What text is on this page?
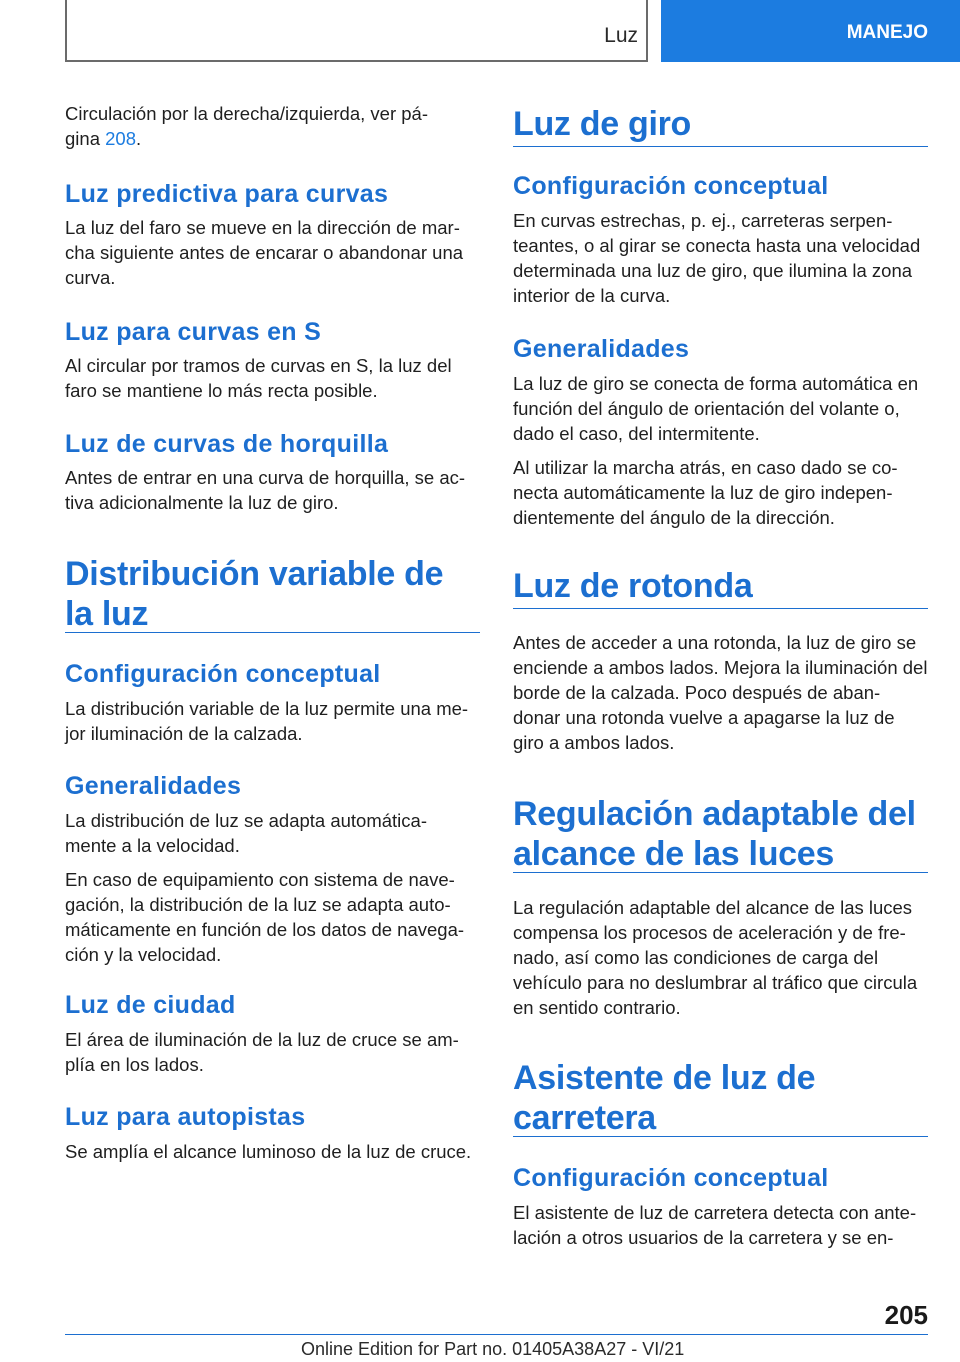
Luz	MANEJO

Circulación por la derecha/izquierda, ver pá-
gina 208.

Luz predictiva para curvas

La luz del faro se mueve en la dirección de mar- cha siguiente antes de encarar o abandonar una curva.

Luz para curvas en S

Al circular por tramos de curvas en S, la luz del faro se mantiene lo más recta posible.

Luz de curvas de horquilla

Antes de entrar en una curva de horquilla, se ac- tiva adicionalmente la luz de giro.

Distribución variable de la luz
Configuración conceptual

La distribución variable de la luz permite una me- jor iluminación de la calzada.

Generalidades

La distribución de luz se adapta automática- mente a la velocidad.

En caso de equipamiento con sistema de nave- gación, la distribución de la luz se adapta auto- máticamente en función de los datos de navega- ción y la velocidad.

Luz de ciudad

El área de iluminación de la luz de cruce se am- plía en los lados.

Luz para autopistas

Se amplía el alcance luminoso de la luz de cruce.

Luz de giro
Configuración conceptual

En curvas estrechas, p. ej., carreteras serpen- teantes, o al girar se conecta hasta una velocidad determinada una luz de giro, que ilumina la zona interior de la curva.

Generalidades

La luz de giro se conecta de forma automática en función del ángulo de orientación del volante o, dado el caso, del intermitente.

Al utilizar la marcha atrás, en caso dado se co- necta automáticamente la luz de giro indepen- dientemente del ángulo de la dirección.

Luz de rotonda

Antes de acceder a una rotonda, la luz de giro se enciende a ambos lados. Mejora la iluminación del borde de la calzada. Poco después de aban- donar una rotonda vuelve a apagarse la luz de giro a ambos lados.

Regulación adaptable del alcance de las luces

La regulación adaptable del alcance de las luces compensa los procesos de aceleración y de fre- nado, así como las condiciones de carga del vehículo para no deslumbrar al tráfico que circula en sentido contrario.

Asistente de luz de carretera
Configuración conceptual

El asistente de luz de carretera detecta con ante- lación a otros usuarios de la carretera y se en-

205
Online Edition for Part no. 01405A38A27 - VI/21
